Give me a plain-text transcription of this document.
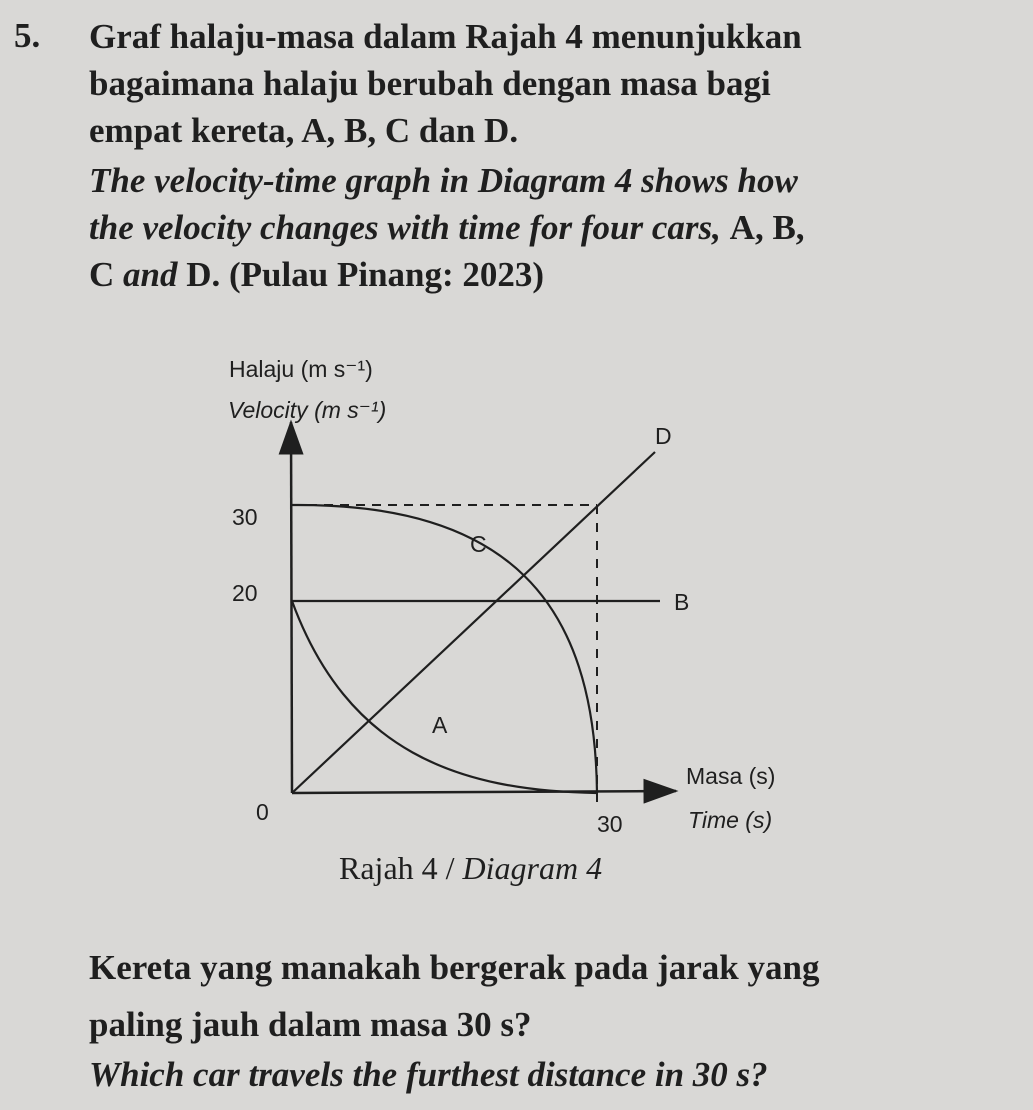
5. Graf halaju-masa dalam Rajah 4 menunjukkan
bagaimana halaju berubah dengan masa bagi
empat kereta, A, B, C dan D.
The velocity-time graph in Diagram 4 shows how
the velocity changes with time for four cars, A, B,
C and D. (Pulau Pinang: 2023)
A
B
C
D
30
20
0	30
Halaju (m s⁻¹)
Velocity (m s⁻¹)
Masa (s)
Time (s)
Rajah 4 / Diagram 4
Kereta yang manakah bergerak pada jarak yang
paling jauh dalam masa 30 s?
Which car travels the furthest distance in 30 s?
